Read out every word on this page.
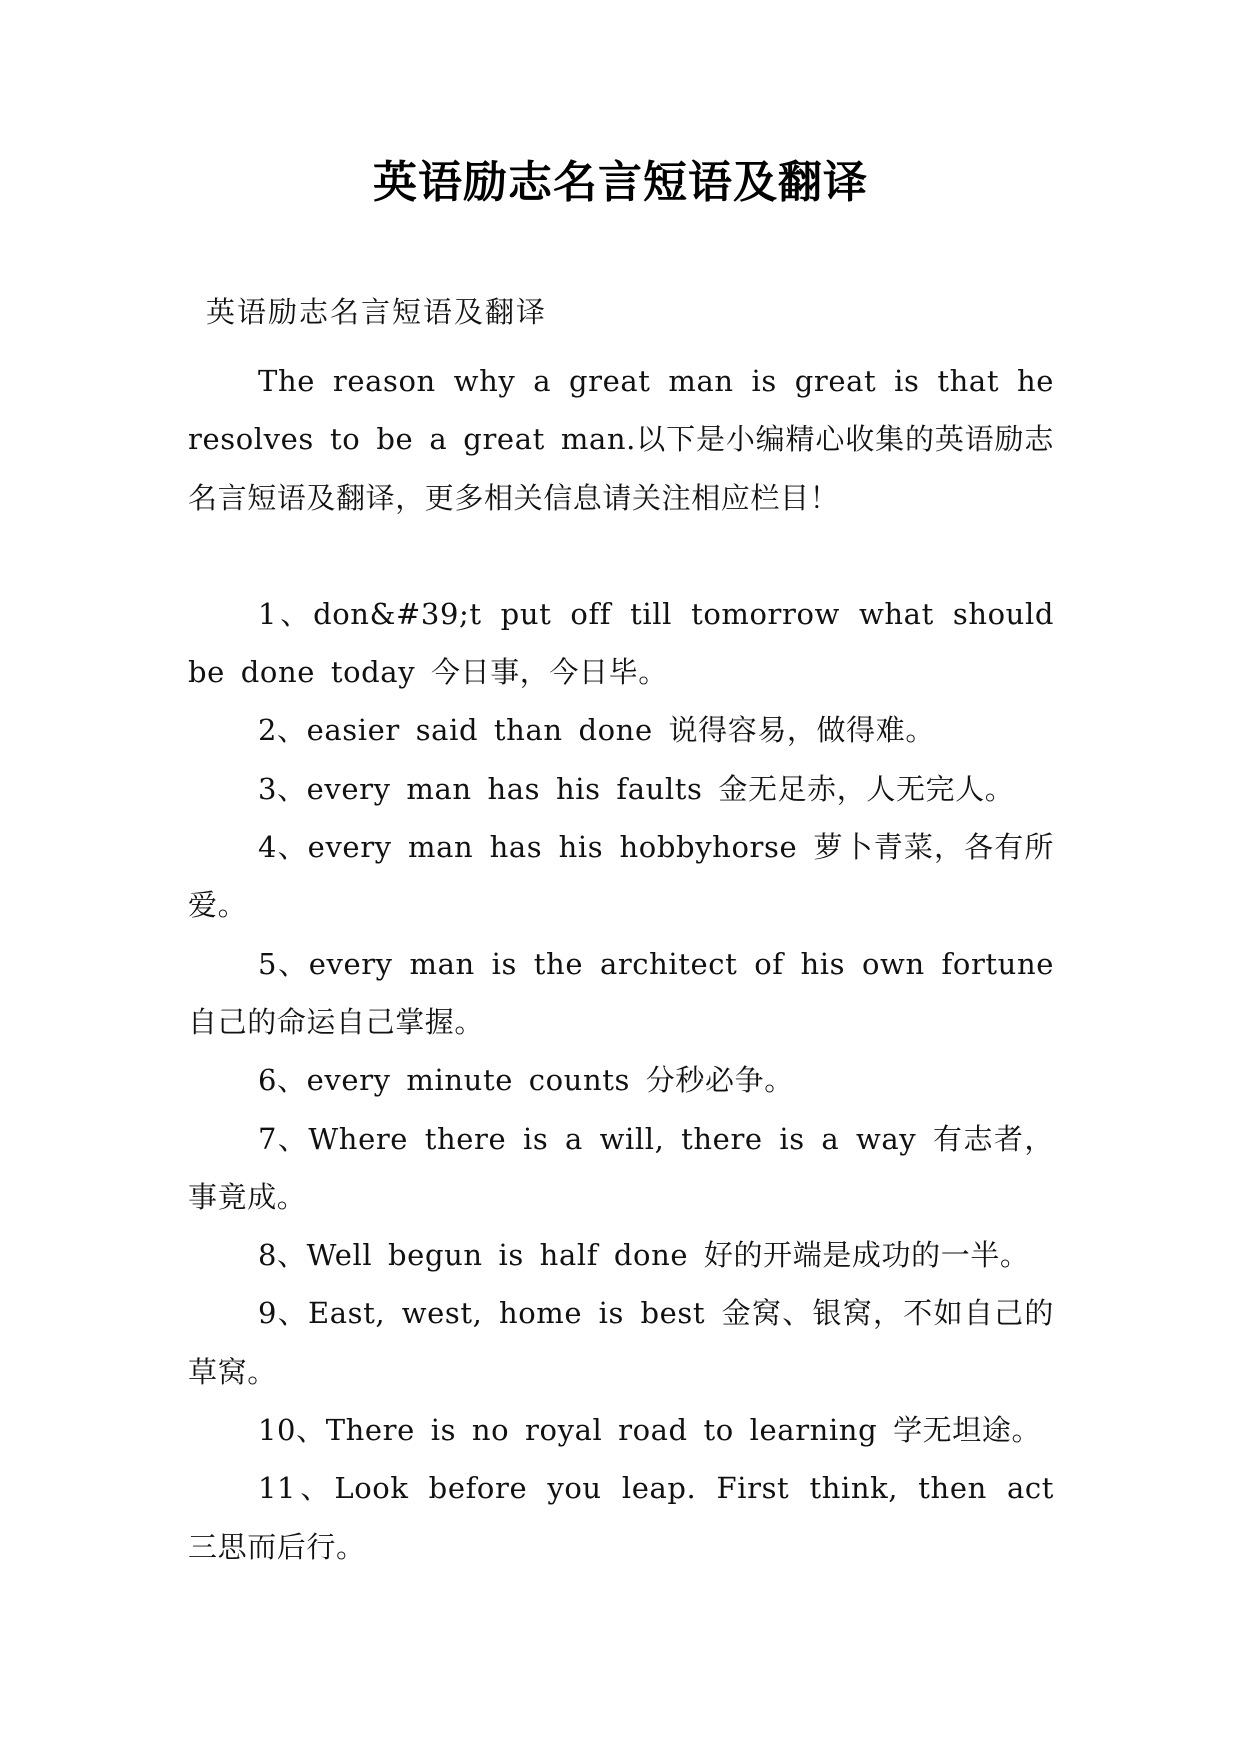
英语励志名言短语及翻译
英语励志名言短语及翻译

The reason why a great man is great is that he resolves to be a great man.以下是小编精心收集的英语励志名言短语及翻译，更多相关信息请关注相应栏目！

1、don&#39;t put off till tomorrow what should be done today 今日事，今日毕。

2、easier said than done 说得容易，做得难。

3、every man has his faults 金无足赤，人无完人。

4、every man has his hobbyhorse 萝卜青菜，各有所爱。

5、every man is the architect of his own fortune 自己的命运自己掌握。

6、every minute counts 分秒必争。

7、Where there is a will, there is a way 有志者，事竟成。

8、Well begun is half done 好的开端是成功的一半。

9、East, west, home is best 金窝、银窝，不如自己的草窝。

10、There is no royal road to learning 学无坦途。

11、Look before you leap. First think, then act 三思而后行。
